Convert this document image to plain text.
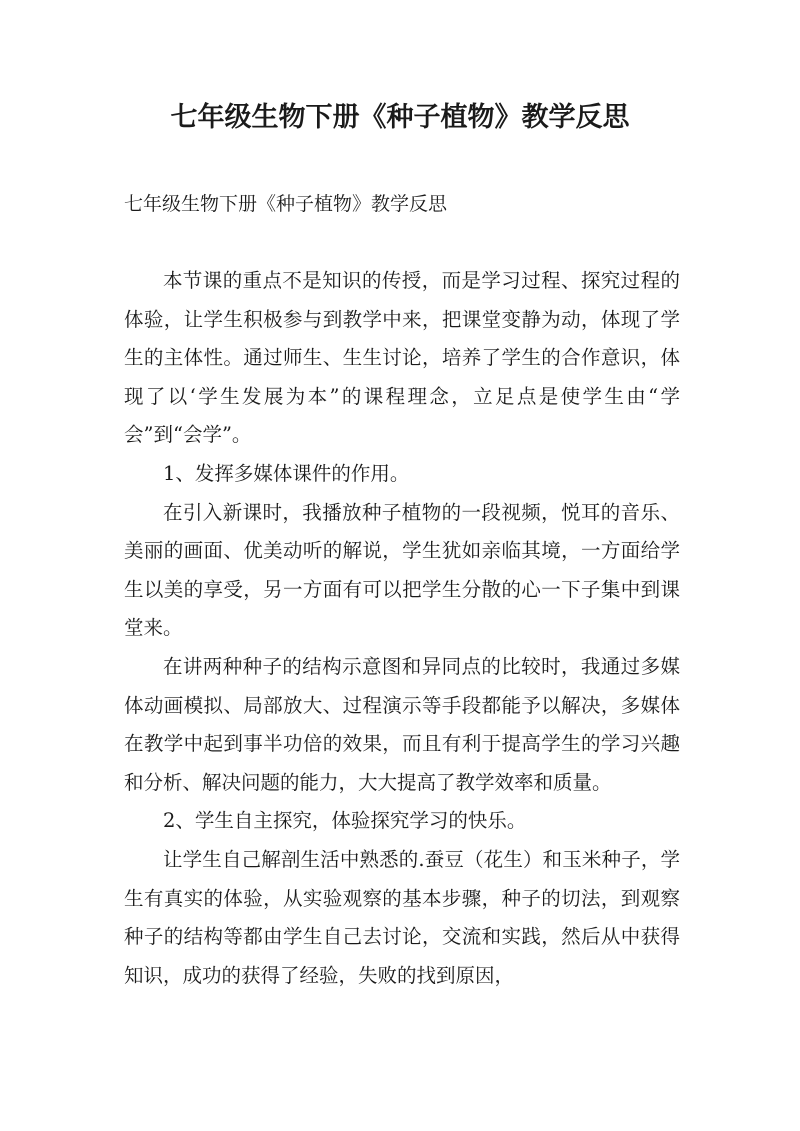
七年级生物下册《种子植物》教学反思
七年级生物下册《种子植物》教学反思

本节课的重点不是知识的传授，而是学习过程、探究过程的体验，让学生积极参与到教学中来，把课堂变静为动，体现了学生的主体性。通过师生、生生讨论，培养了学生的合作意识，体现了以‘学生发展为本”的课程理念，立足点是使学生由“学会”到“会学”。

1、发挥多媒体课件的作用。

在引入新课时，我播放种子植物的一段视频，悦耳的音乐、美丽的画面、优美动听的解说，学生犹如亲临其境，一方面给学生以美的享受，另一方面有可以把学生分散的心一下子集中到课堂来。

在讲两种种子的结构示意图和异同点的比较时，我通过多媒体动画模拟、局部放大、过程演示等手段都能予以解决，多媒体在教学中起到事半功倍的效果，而且有利于提高学生的学习兴趣和分析、解决问题的能力，大大提高了教学效率和质量。

2、学生自主探究，体验探究学习的快乐。

让学生自己解剖生活中熟悉的.蚕豆（花生）和玉米种子，学生有真实的体验，从实验观察的基本步骤，种子的切法，到观察种子的结构等都由学生自己去讨论，交流和实践，然后从中获得知识，成功的获得了经验，失败的找到原因，
